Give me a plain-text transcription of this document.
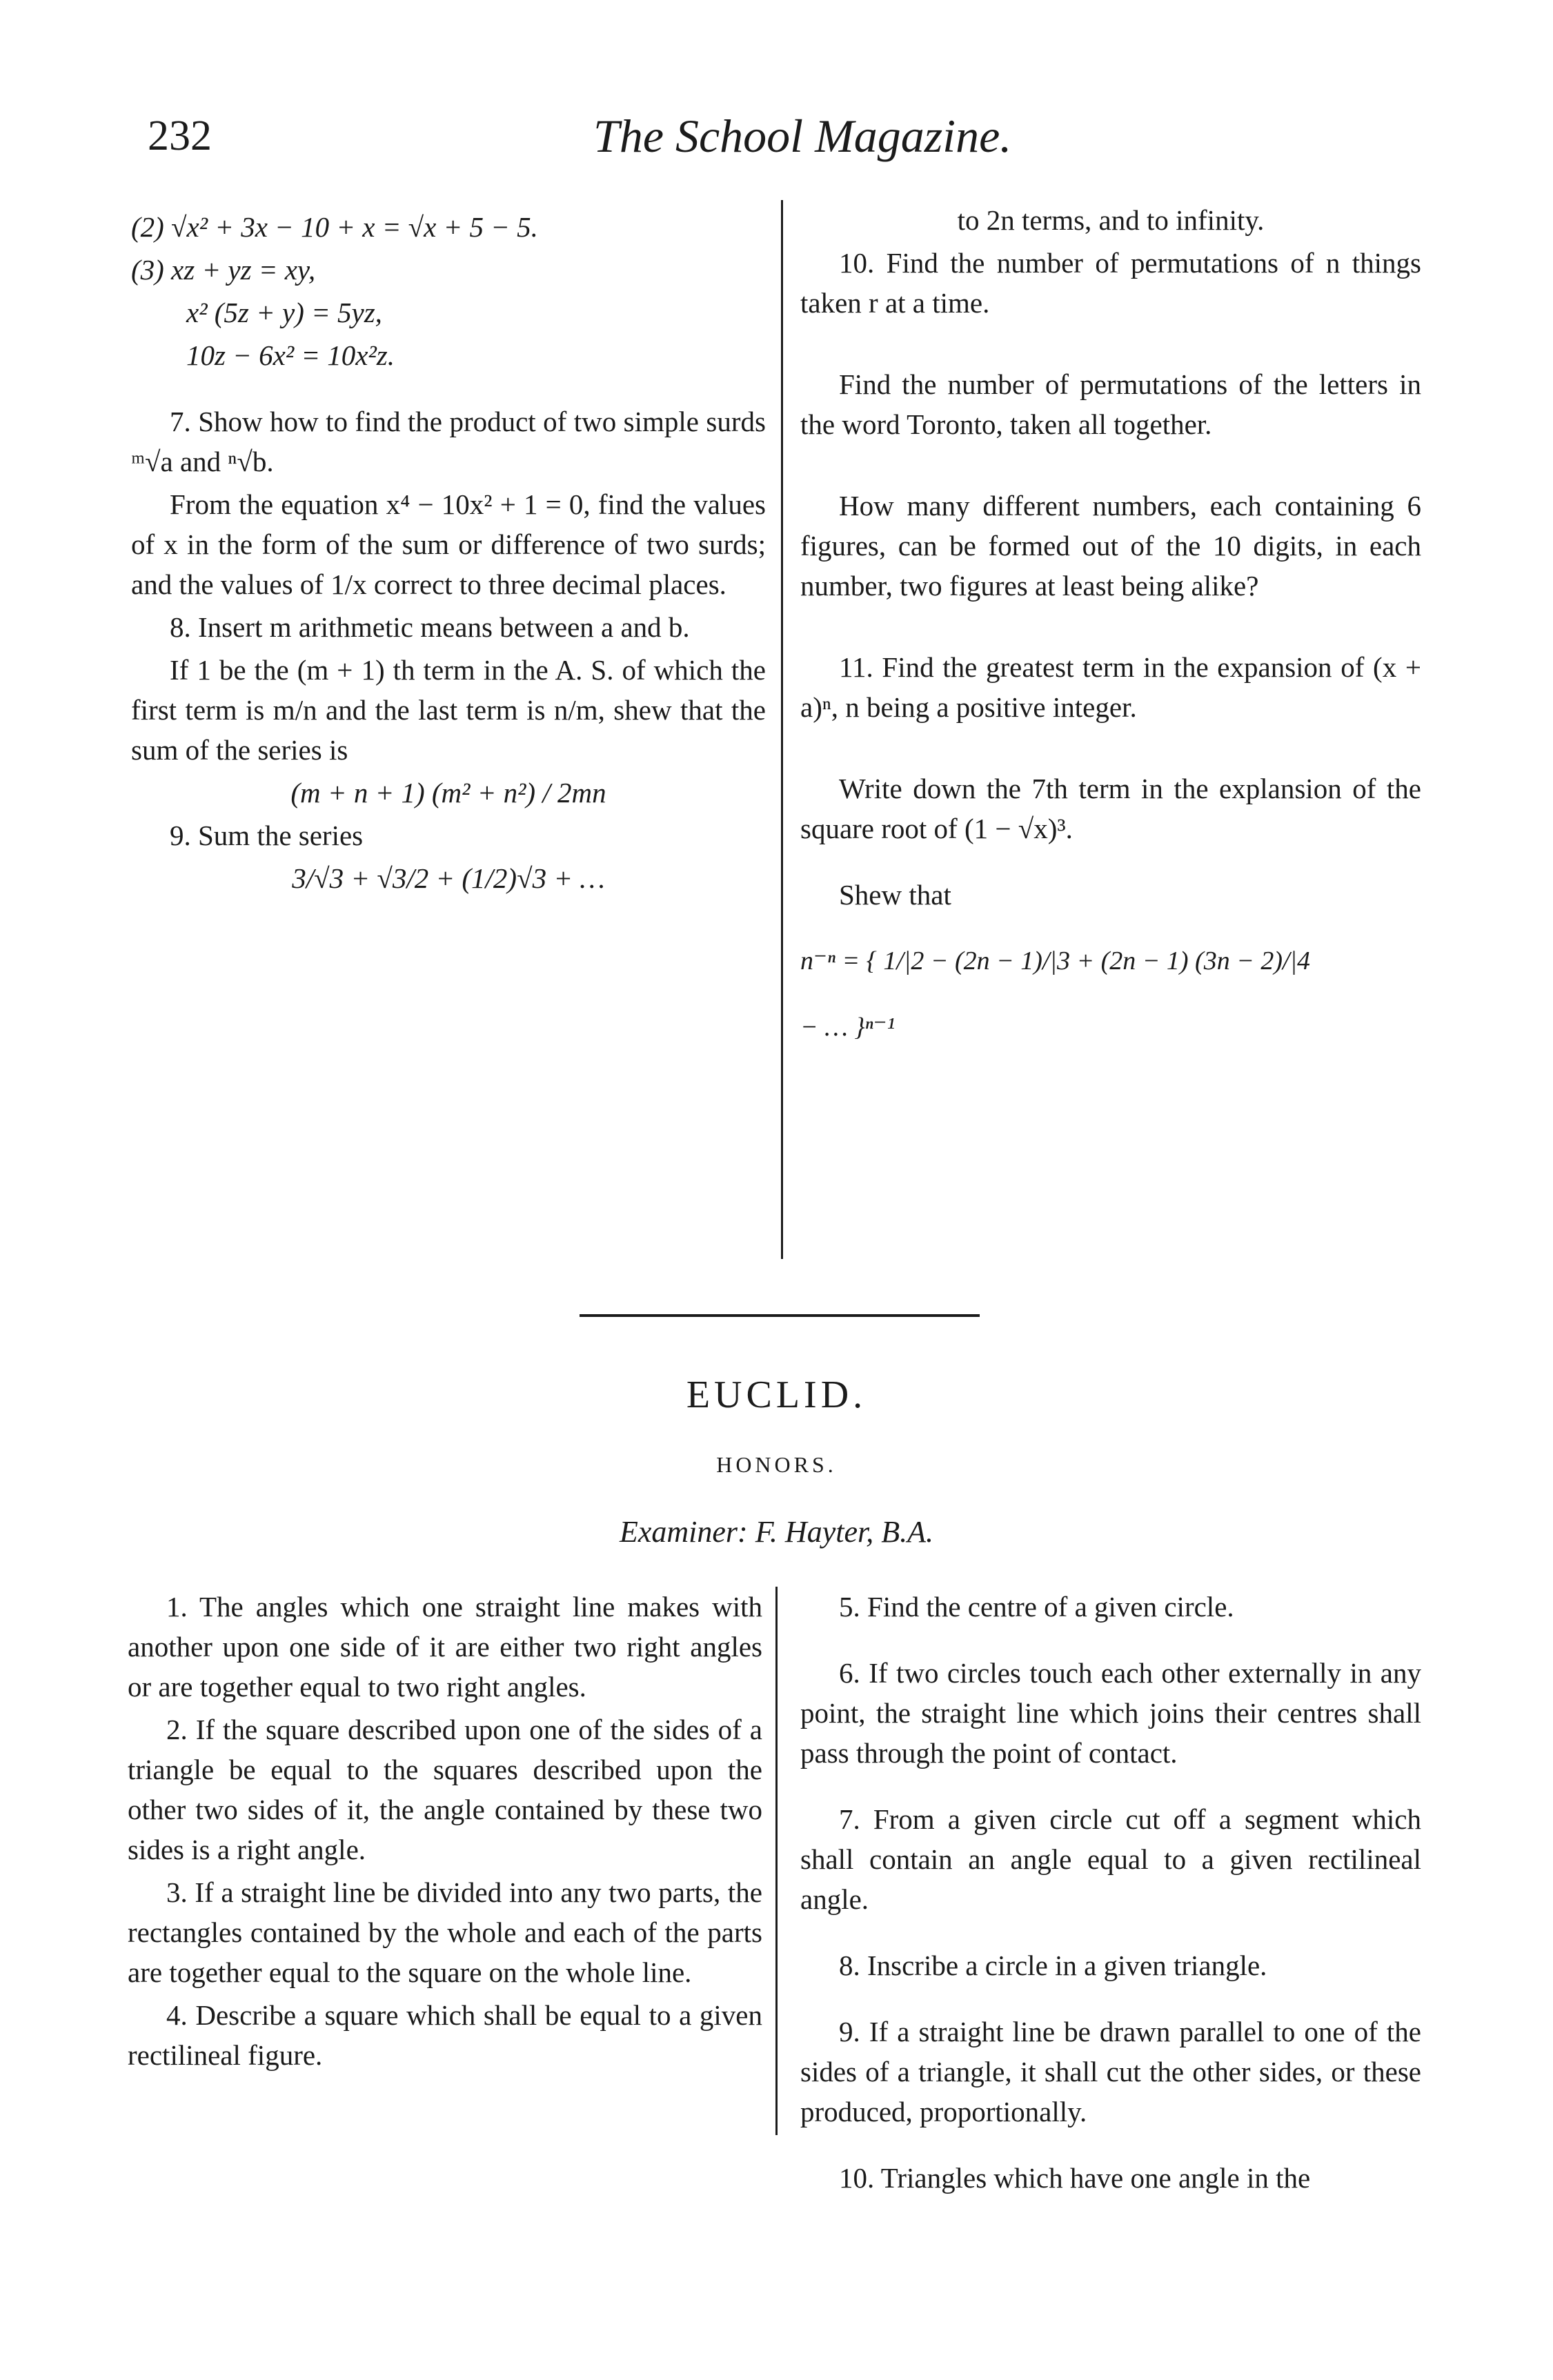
232	The School Magazine.
(2) √x² + 3x − 10 + x = √x + 5 − 5.
(3) xz + yz = xy,
x² (5z + y) = 5yz,
10z − 6x² = 10x²z.
7. Show how to find the product of two simple surds ᵐ√a and ⁿ√b.
From the equation x⁴ − 10x² + 1 = 0, find the values of x in the form of the sum or difference of two surds; and the values of 1/x correct to three decimal places.
8. Insert m arithmetic means between a and b.
If 1 be the (m + 1) th term in the A. S. of which the first term is m/n and the last term is n/m, shew that the sum of the series is
(m + n + 1) (m² + n²) / 2mn
9. Sum the series
3/√3 + √3/2 + (1/2)√3 + …
to 2n terms, and to infinity.
10. Find the number of permutations of n things taken r at a time.
Find the number of permutations of the letters in the word Toronto, taken all together.
How many different numbers, each containing 6 figures, can be formed out of the 10 digits, in each number, two figures at least being alike?
11. Find the greatest term in the expansion of (x + a)ⁿ, n being a positive integer.
Write down the 7th term in the explansion of the square root of (1 − √x)³.
Shew that
n⁻ⁿ = { 1/|2 − (2n − 1)/|3 + (2n − 1) (3n − 2)/|4
− … }ⁿ⁻¹
EUCLID.
HONORS.
Examiner: F. Hayter, B.A.
1. The angles which one straight line makes with another upon one side of it are either two right angles or are together equal to two right angles.
2. If the square described upon one of the sides of a triangle be equal to the squares described upon the other two sides of it, the angle contained by these two sides is a right angle.
3. If a straight line be divided into any two parts, the rectangles contained by the whole and each of the parts are together equal to the square on the whole line.
4. Describe a square which shall be equal to a given rectilineal figure.
5. Find the centre of a given circle.
6. If two circles touch each other externally in any point, the straight line which joins their centres shall pass through the point of contact.
7. From a given circle cut off a segment which shall contain an angle equal to a given rectilineal angle.
8. Inscribe a circle in a given triangle.
9. If a straight line be drawn parallel to one of the sides of a triangle, it shall cut the other sides, or these produced, proportionally.
10. Triangles which have one angle in the
